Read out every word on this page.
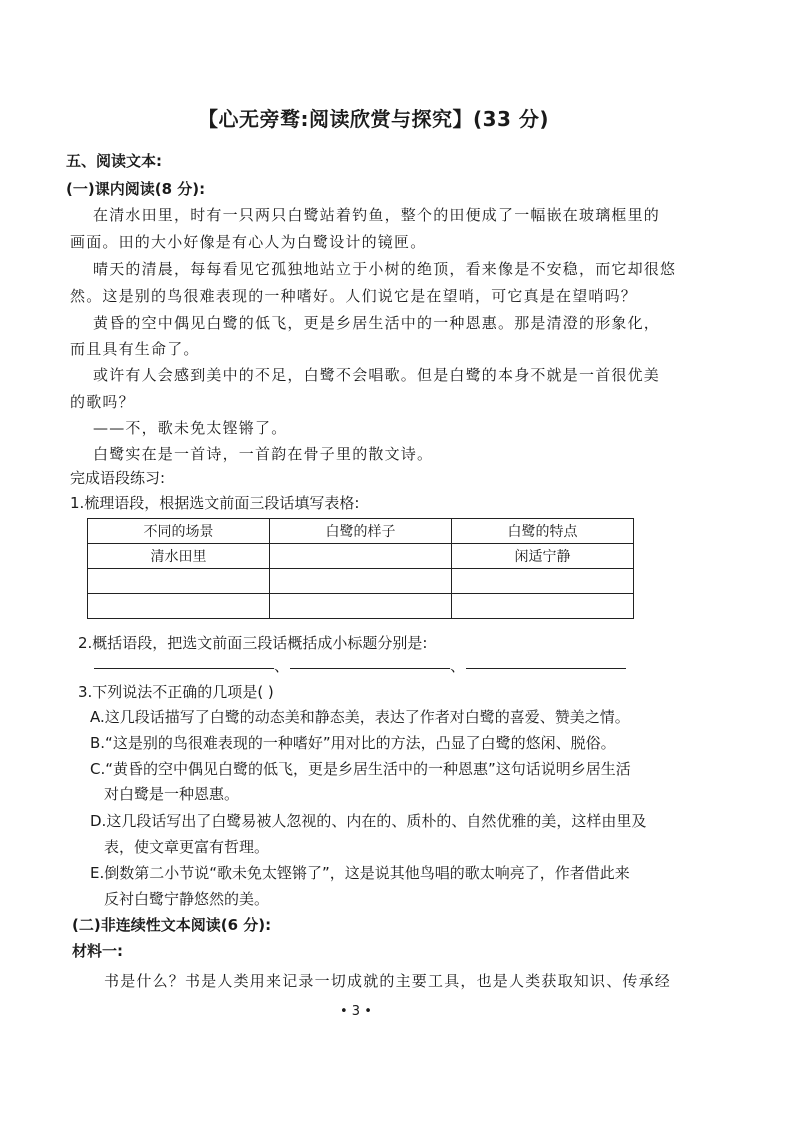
【心无旁骛:阅读欣赏与探究】(33 分)
五、阅读文本:
(一)课内阅读(8 分):
在清水田里，时有一只两只白鹭站着钓鱼，整个的田便成了一幅嵌在玻璃框里的
画面。田的大小好像是有心人为白鹭设计的镜匣。
晴天的清晨，每每看见它孤独地站立于小树的绝顶，看来像是不安稳，而它却很悠
然。这是别的鸟很难表现的一种嗜好。人们说它是在望哨，可它真是在望哨吗？
黄昏的空中偶见白鹭的低飞，更是乡居生活中的一种恩惠。那是清澄的形象化，
而且具有生命了。
或许有人会感到美中的不足，白鹭不会唱歌。但是白鹭的本身不就是一首很优美
的歌吗？
——不，歌未免太铿锵了。
白鹭实在是一首诗，一首韵在骨子里的散文诗。
完成语段练习:
1.梳理语段，根据选文前面三段话填写表格:
不同的场景	白鹭的样子	白鹭的特点
清水田里		闲适宁静

2.概括语段，把选文前面三段话概括成小标题分别是:
、	、
3.下列说法不正确的几项是( )
A.这几段话描写了白鹭的动态美和静态美，表达了作者对白鹭的喜爱、赞美之情。
B.“这是别的鸟很难表现的一种嗜好”用对比的方法，凸显了白鹭的悠闲、脱俗。
C.“黄昏的空中偶见白鹭的低飞，更是乡居生活中的一种恩惠”这句话说明乡居生活
对白鹭是一种恩惠。
D.这几段话写出了白鹭易被人忽视的、内在的、质朴的、自然优雅的美，这样由里及
表，使文章更富有哲理。
E.倒数第二小节说“歌未免太铿锵了”，这是说其他鸟唱的歌太响亮了，作者借此来
反衬白鹭宁静悠然的美。
(二)非连续性文本阅读(6 分):
材料一:
书是什么？书是人类用来记录一切成就的主要工具，也是人类获取知识、传承经
• 3 •
